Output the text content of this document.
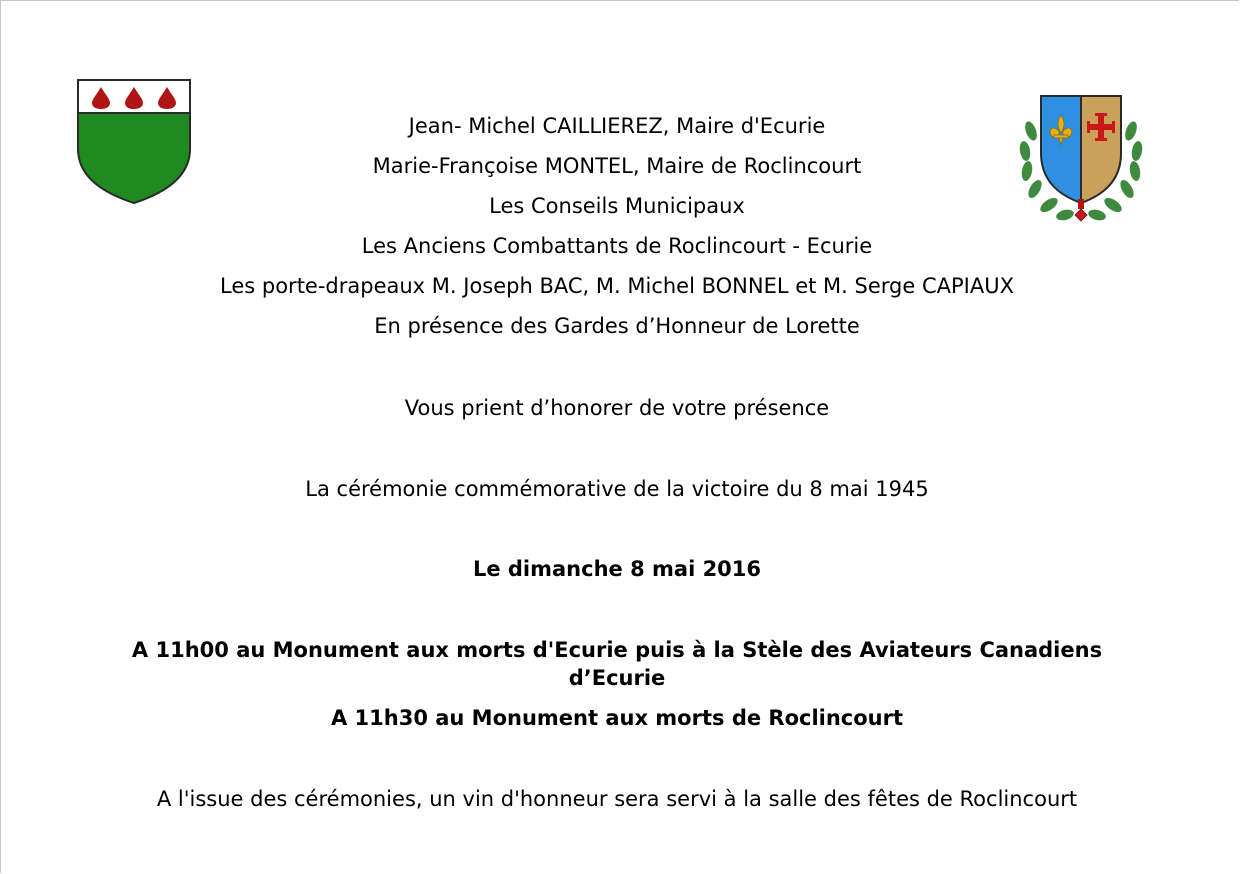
Jean- Michel CAILLIEREZ, Maire d'Ecurie
Marie-Françoise MONTEL, Maire de Roclincourt
Les Conseils Municipaux
Les Anciens Combattants de Roclincourt - Ecurie
Les porte-drapeaux M. Joseph BAC, M. Michel BONNEL et M. Serge CAPIAUX
En présence des Gardes d’Honneur de Lorette
Vous prient d’honorer de votre présence
La cérémonie commémorative de la victoire du 8 mai 1945
Le dimanche 8 mai 2016
A 11h00 au Monument aux morts d'Ecurie puis à la Stèle des Aviateurs Canadiens
d’Ecurie
A 11h30 au Monument aux morts de Roclincourt
A l'issue des cérémonies, un vin d'honneur sera servi à la salle des fêtes de Roclincourt
